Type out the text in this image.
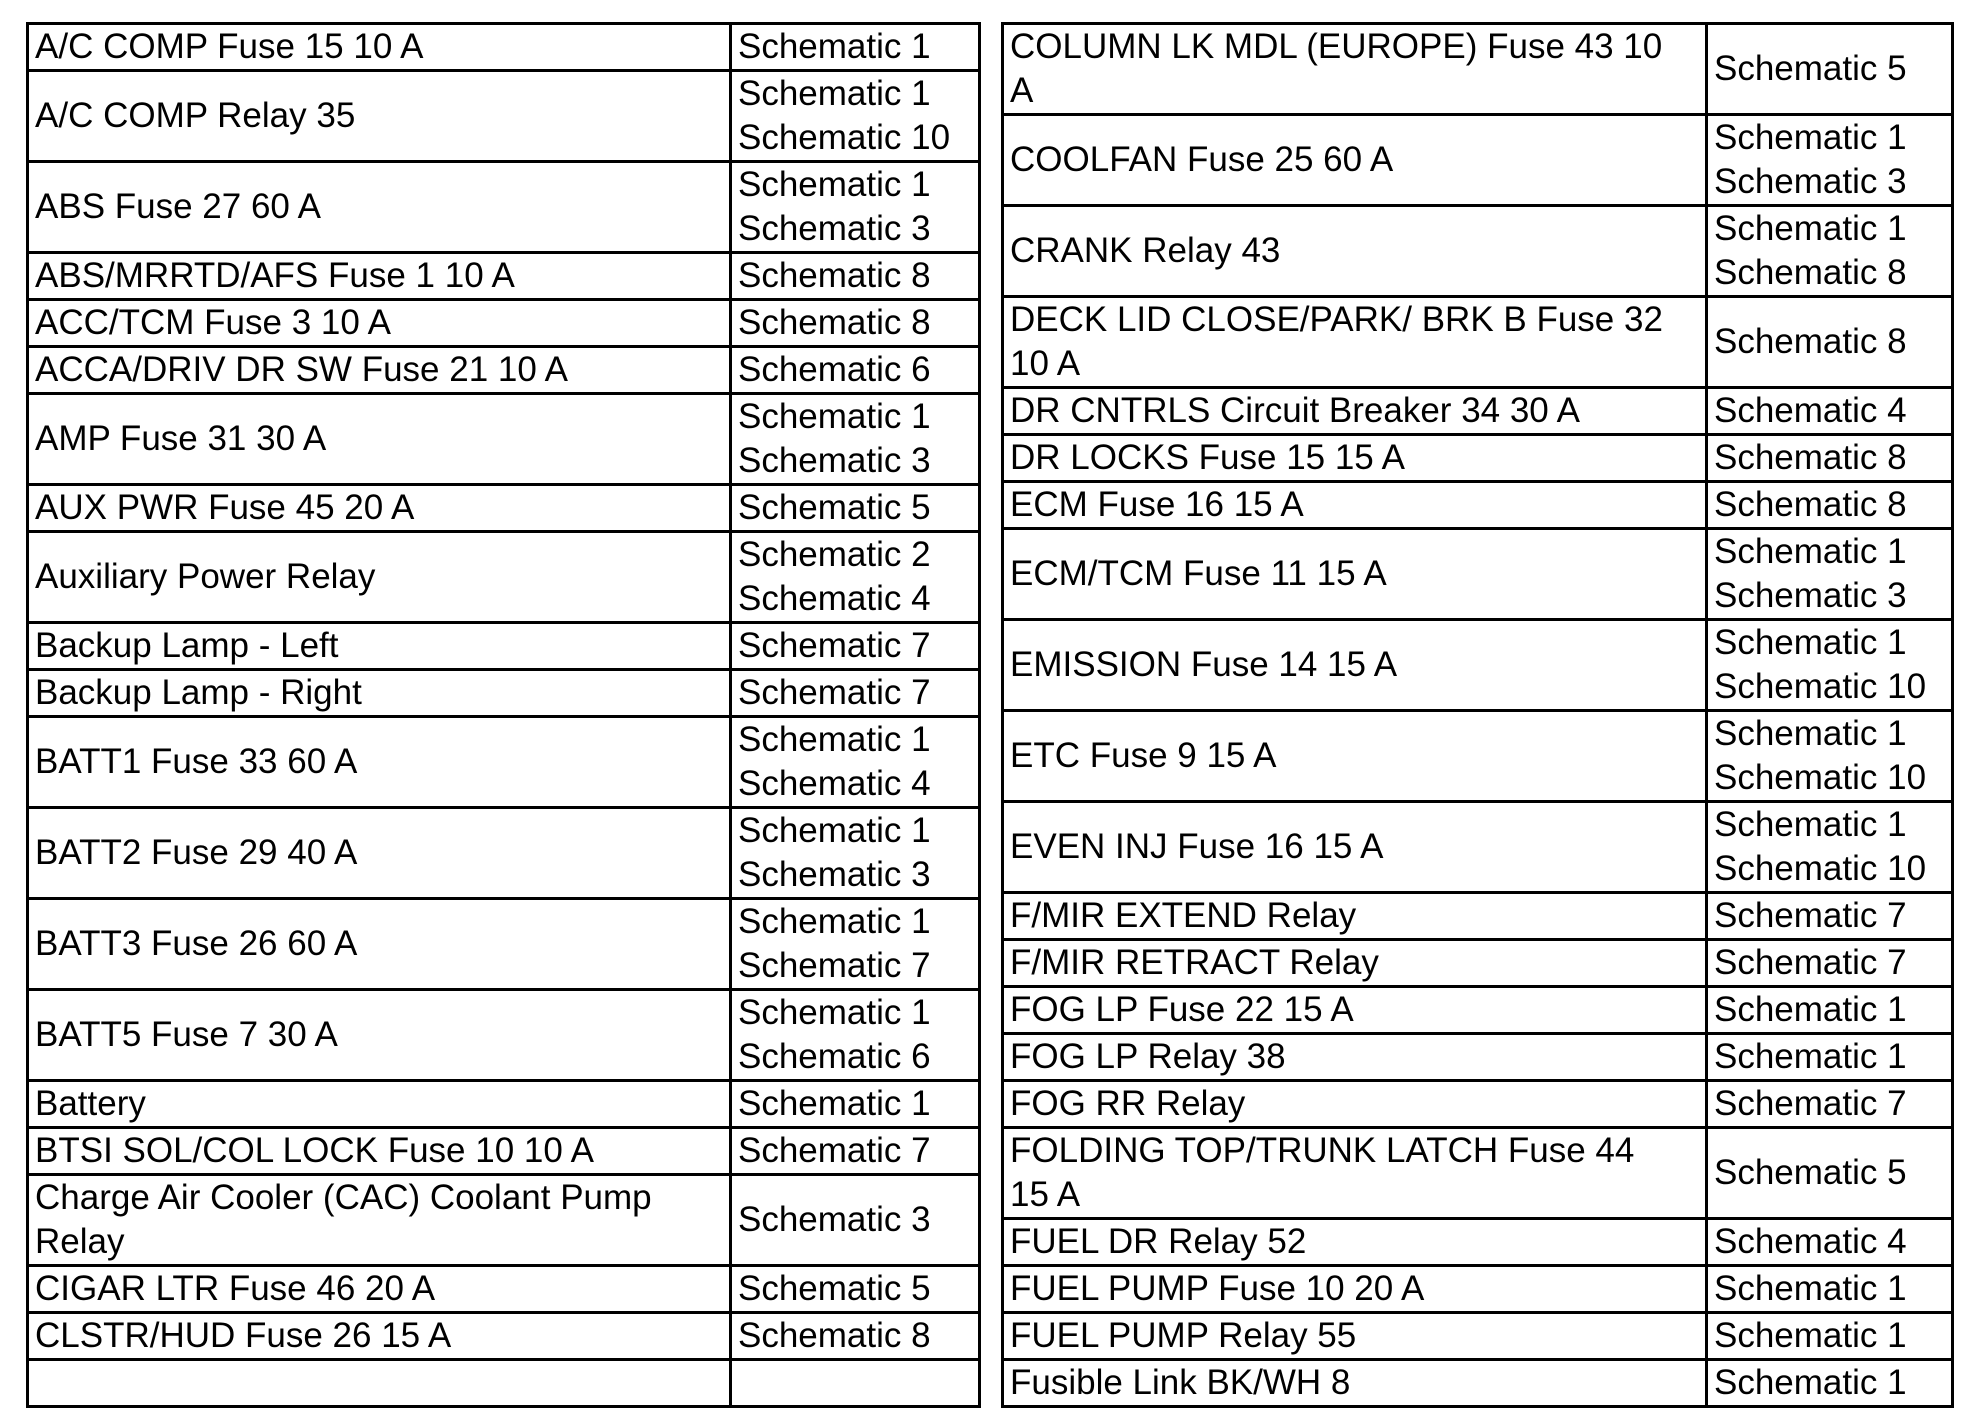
A/C COMP Fuse 15 10 A	Schematic 1

A/C COMP Relay 35	Schematic 1
Schematic 10

ABS Fuse 27 60 A	Schematic 1
Schematic 3

ABS/MRRTD/AFS Fuse 1 10 A	Schematic 8

ACC/TCM Fuse 3 10 A	Schematic 8

ACCA/DRIV DR SW Fuse 21 10 A	Schematic 6

AMP Fuse 31 30 A	Schematic 1
Schematic 3

AUX PWR Fuse 45 20 A	Schematic 5

Auxiliary Power Relay	Schematic 2
Schematic 4

Backup Lamp - Left	Schematic 7

Backup Lamp - Right	Schematic 7

BATT1 Fuse 33 60 A	Schematic 1
Schematic 4

BATT2 Fuse 29 40 A	Schematic 1
Schematic 3

BATT3 Fuse 26 60 A	Schematic 1
Schematic 7

BATT5 Fuse 7 30 A	Schematic 1
Schematic 6

Battery	Schematic 1

BTSI SOL/COL LOCK Fuse 10 10 A	Schematic 7

Charge Air Cooler (CAC) Coolant Pump
Relay	Schematic 3

CIGAR LTR Fuse 46 20 A	Schematic 5

CLSTR/HUD Fuse 26 15 A	Schematic 8

COLUMN LK MDL (EUROPE) Fuse 43 10
A	Schematic 5

COOLFAN Fuse 25 60 A	Schematic 1
Schematic 3

CRANK Relay 43	Schematic 1
Schematic 8

DECK LID CLOSE/PARK/ BRK B Fuse 32
10 A	Schematic 8

DR CNTRLS Circuit Breaker 34 30 A	Schematic 4

DR LOCKS Fuse 15 15 A	Schematic 8

ECM Fuse 16 15 A	Schematic 8

ECM/TCM Fuse 11 15 A	Schematic 1
Schematic 3

EMISSION Fuse 14 15 A	Schematic 1
Schematic 10

ETC Fuse 9 15 A	Schematic 1
Schematic 10

EVEN INJ Fuse 16 15 A	Schematic 1
Schematic 10

F/MIR EXTEND Relay	Schematic 7

F/MIR RETRACT Relay	Schematic 7

FOG LP Fuse 22 15 A	Schematic 1

FOG LP Relay 38	Schematic 1

FOG RR Relay	Schematic 7

FOLDING TOP/TRUNK LATCH Fuse 44
15 A	Schematic 5

FUEL DR Relay 52	Schematic 4

FUEL PUMP Fuse 10 20 A	Schematic 1

FUEL PUMP Relay 55	Schematic 1

Fusible Link BK/WH 8	Schematic 1
